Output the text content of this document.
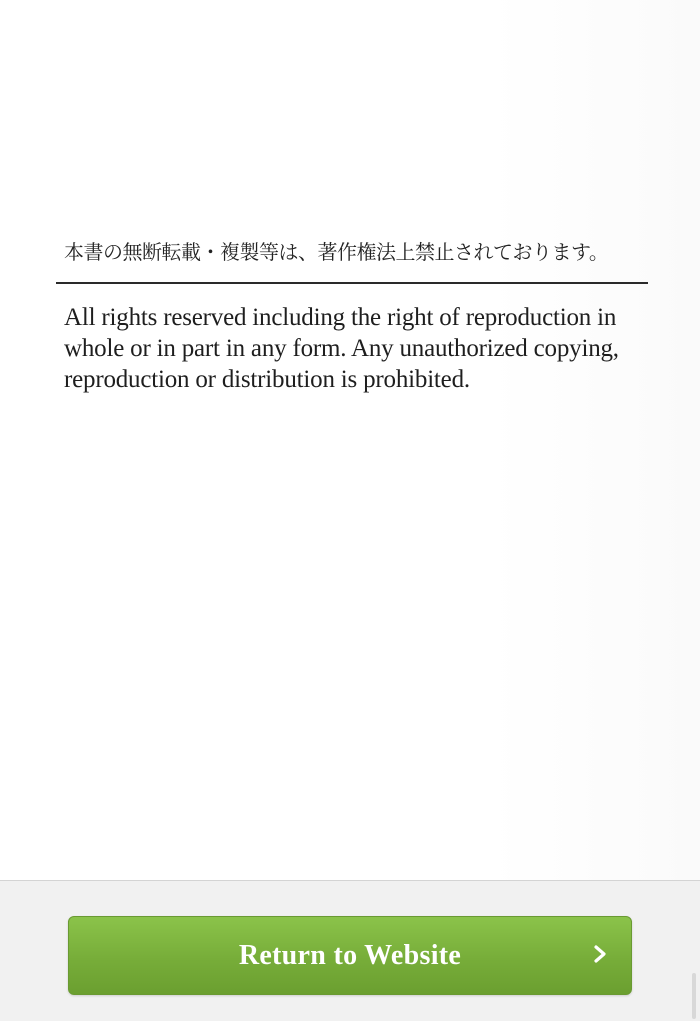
本書の無断転載・複製等は、著作権法上禁止されております。
All rights reserved including the right of reproduction in whole or in part in any form. Any unauthorized copying, reproduction or distribution is prohibited.
Return to Website
